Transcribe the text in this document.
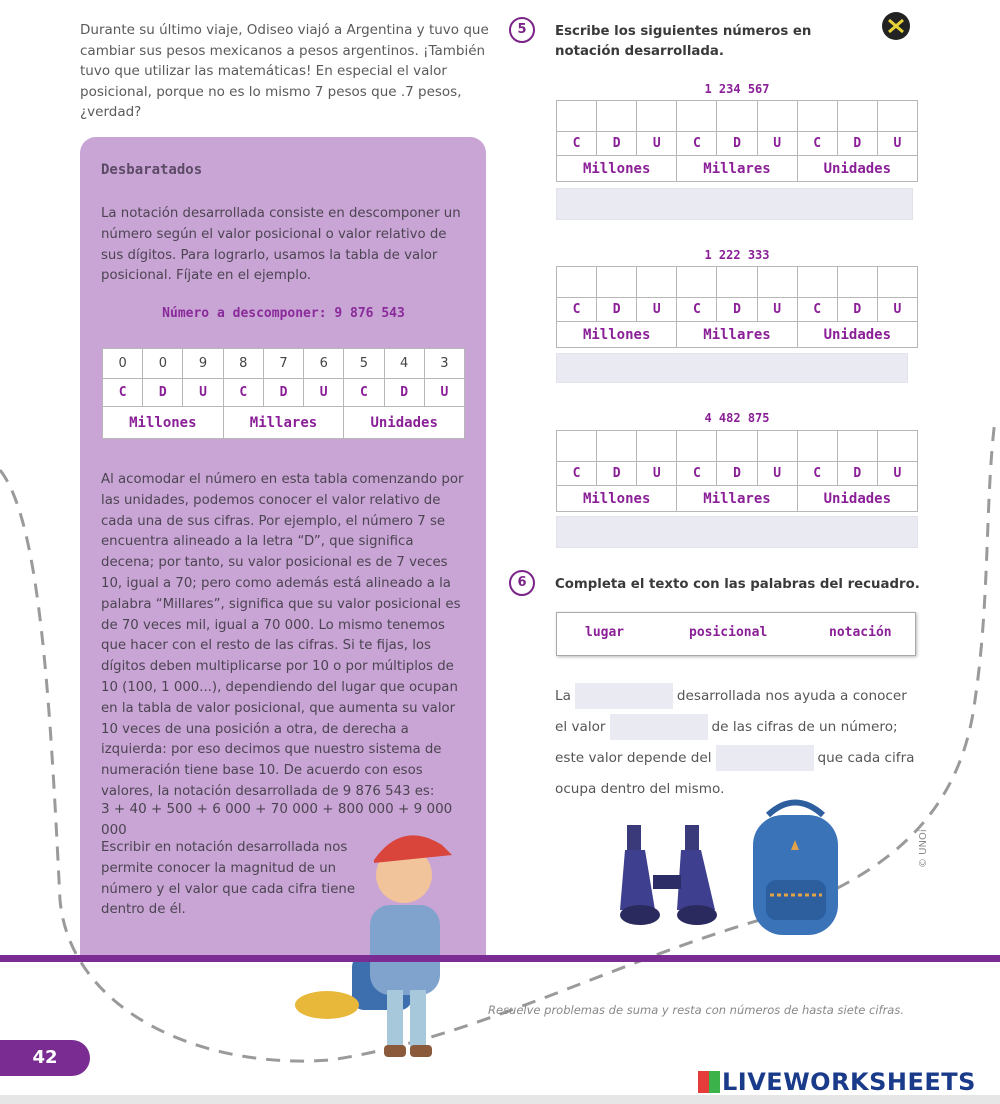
Durante su último viaje, Odiseo viajó a Argentina y tuvo que cambiar sus pesos mexicanos a pesos argentinos. ¡También tuvo que utilizar las matemáticas! En especial el valor posicional, porque no es lo mismo 7 pesos que .7 pesos, ¿verdad?
Desbaratados
La notación desarrollada consiste en descomponer un número según el valor posicional o valor relativo de sus dígitos. Para lograrlo, usamos la tabla de valor posicional. Fíjate en el ejemplo.
Número a descomponer: 9 876 543
0	0	9	8	7	6	5	4	3
C	D	U	C	D	U	C	D	U
Millones			Millares			Unidades		
Al acomodar el número en esta tabla comenzando por las unidades, podemos conocer el valor relativo de cada una de sus cifras. Por ejemplo, el número 7 se encuentra alineado a la letra “D”, que significa decena; por tanto, su valor posicional es de 7 veces 10, igual a 70; pero como además está alineado a la palabra “Millares”, significa que su valor posicional es de 70 veces mil, igual a 70 000. Lo mismo tenemos que hacer con el resto de las cifras. Si te fijas, los dígitos deben multiplicarse por 10 o por múltiplos de 10 (100, 1 000...), dependiendo del lugar que ocupan en la tabla de valor posicional, que aumenta su valor 10 veces de una posición a otra, de derecha a izquierda: por eso decimos que nuestro sistema de numeración tiene base 10. De acuerdo con esos valores, la notación desarrollada de 9 876 543 es:
3 + 40 + 500 + 6 000 + 70 000 + 800 000 + 9 000 000
Escribir en notación desarrollada nos permite conocer la magnitud de un número y el valor que cada cifra tiene dentro de él.
5	Escribe los siguientes números en notación desarrollada.
1 234 567

C	D	U	C	D	U	C	D	U
Millones			Millares			Unidades		
1 222 333

C	D	U	C	D	U	C	D	U
Millones			Millares			Unidades		
4 482 875

C	D	U	C	D	U	C	D	U
Millones			Millares			Unidades		
6	Completa el texto con las palabras del recuadro.
lugar	posicional	notación
La	desarrollada nos ayuda a conocer
el valor	de las cifras de un número;
este valor depende del	que cada cifra
ocupa dentro del mismo.
© UNOi
Resuelve problemas de suma y resta con números de hasta siete cifras.
42
LIVEWORKSHEETS
